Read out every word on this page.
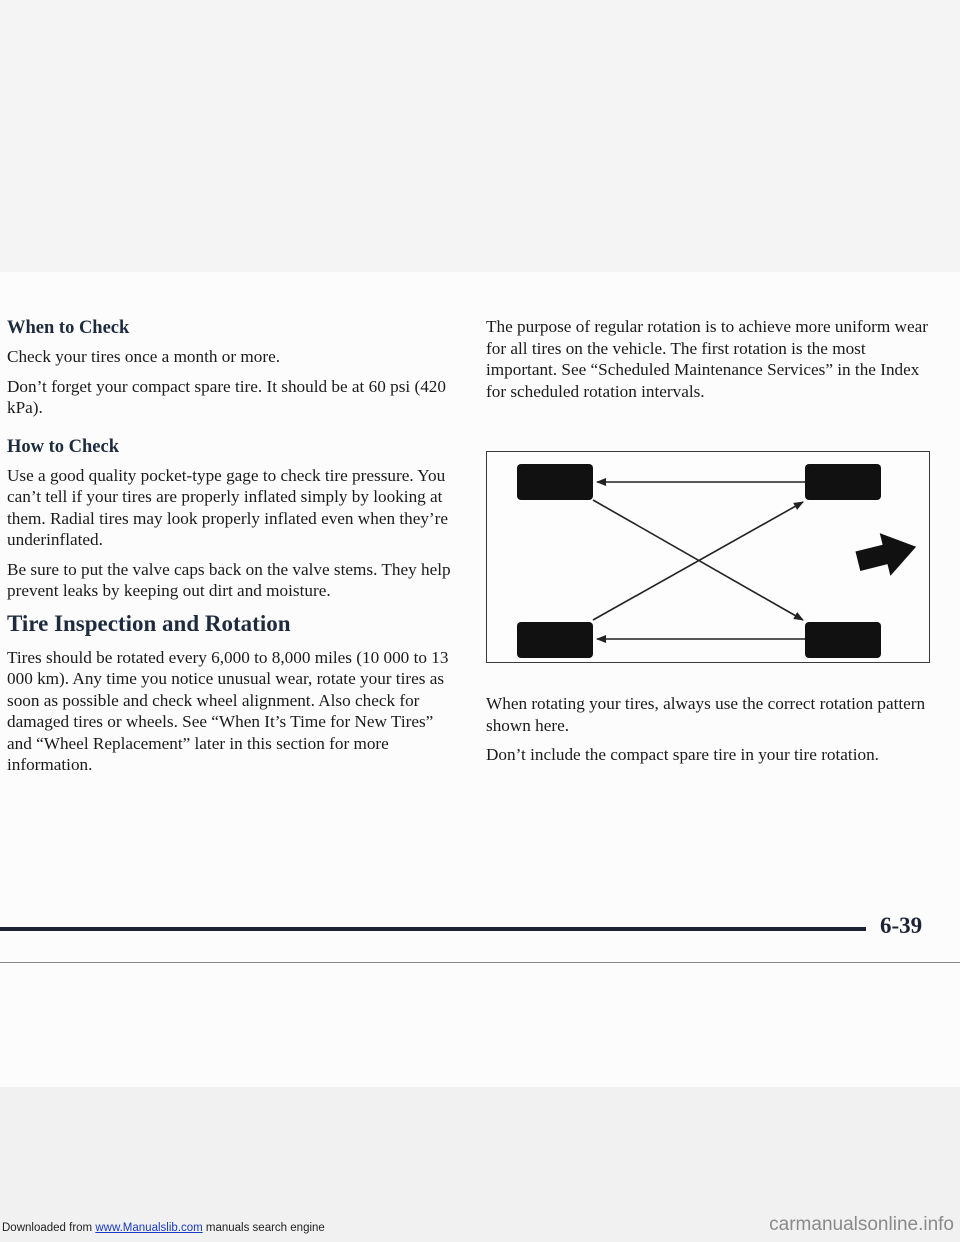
When to Check

Check your tires once a month or more.

Don’t forget your compact spare tire. It should be at 60 psi (420 kPa).

How to Check

Use a good quality pocket-type gage to check tire pressure. You can’t tell if your tires are properly inflated simply by looking at them. Radial tires may look properly inflated even when they’re underinflated.

Be sure to put the valve caps back on the valve stems. They help prevent leaks by keeping out dirt and moisture.

Tire Inspection and Rotation

Tires should be rotated every 6,000 to 8,000 miles (10 000 to 13 000 km). Any time you notice unusual wear, rotate your tires as soon as possible and check wheel alignment. Also check for damaged tires or wheels. See “When It’s Time for New Tires” and “Wheel Replacement” later in this section for more information.

The purpose of regular rotation is to achieve more uniform wear for all tires on the vehicle. The first rotation is the most important. See “Scheduled Maintenance Services” in the Index for scheduled rotation intervals.

When rotating your tires, always use the correct rotation pattern shown here.

Don’t include the compact spare tire in your tire rotation.

6-39
Downloaded from www.Manualslib.com manuals search engine	carmanualsonline.info
